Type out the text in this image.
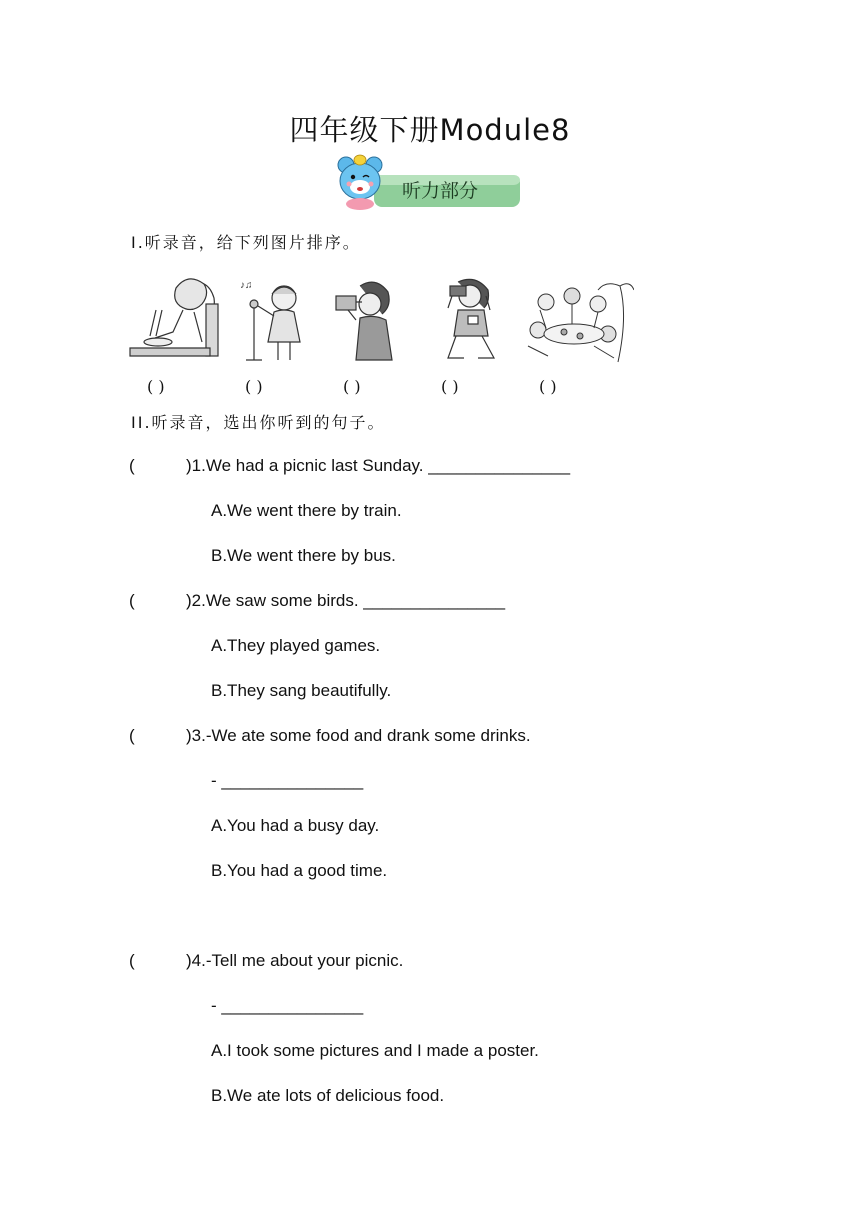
四年级下册Module8
听力部分
I.听录音，给下列图片排序。
♪♫
( )	( )	( )	( )	( )
II.听录音，选出你听到的句子。
(	)1.We had a picnic last Sunday. _______________
A.We went there by train.
B.We went there by bus.
(	)2.We saw some birds. _______________
A.They played games.
B.They sang beautifully.
(	)3.-We ate some food and drank some drinks.
- _______________
A.You had a busy day.
B.You had a good time.
(	)4.-Tell me about your picnic.
- _______________
A.I took some pictures and I made a poster.
B.We ate lots of delicious food.
